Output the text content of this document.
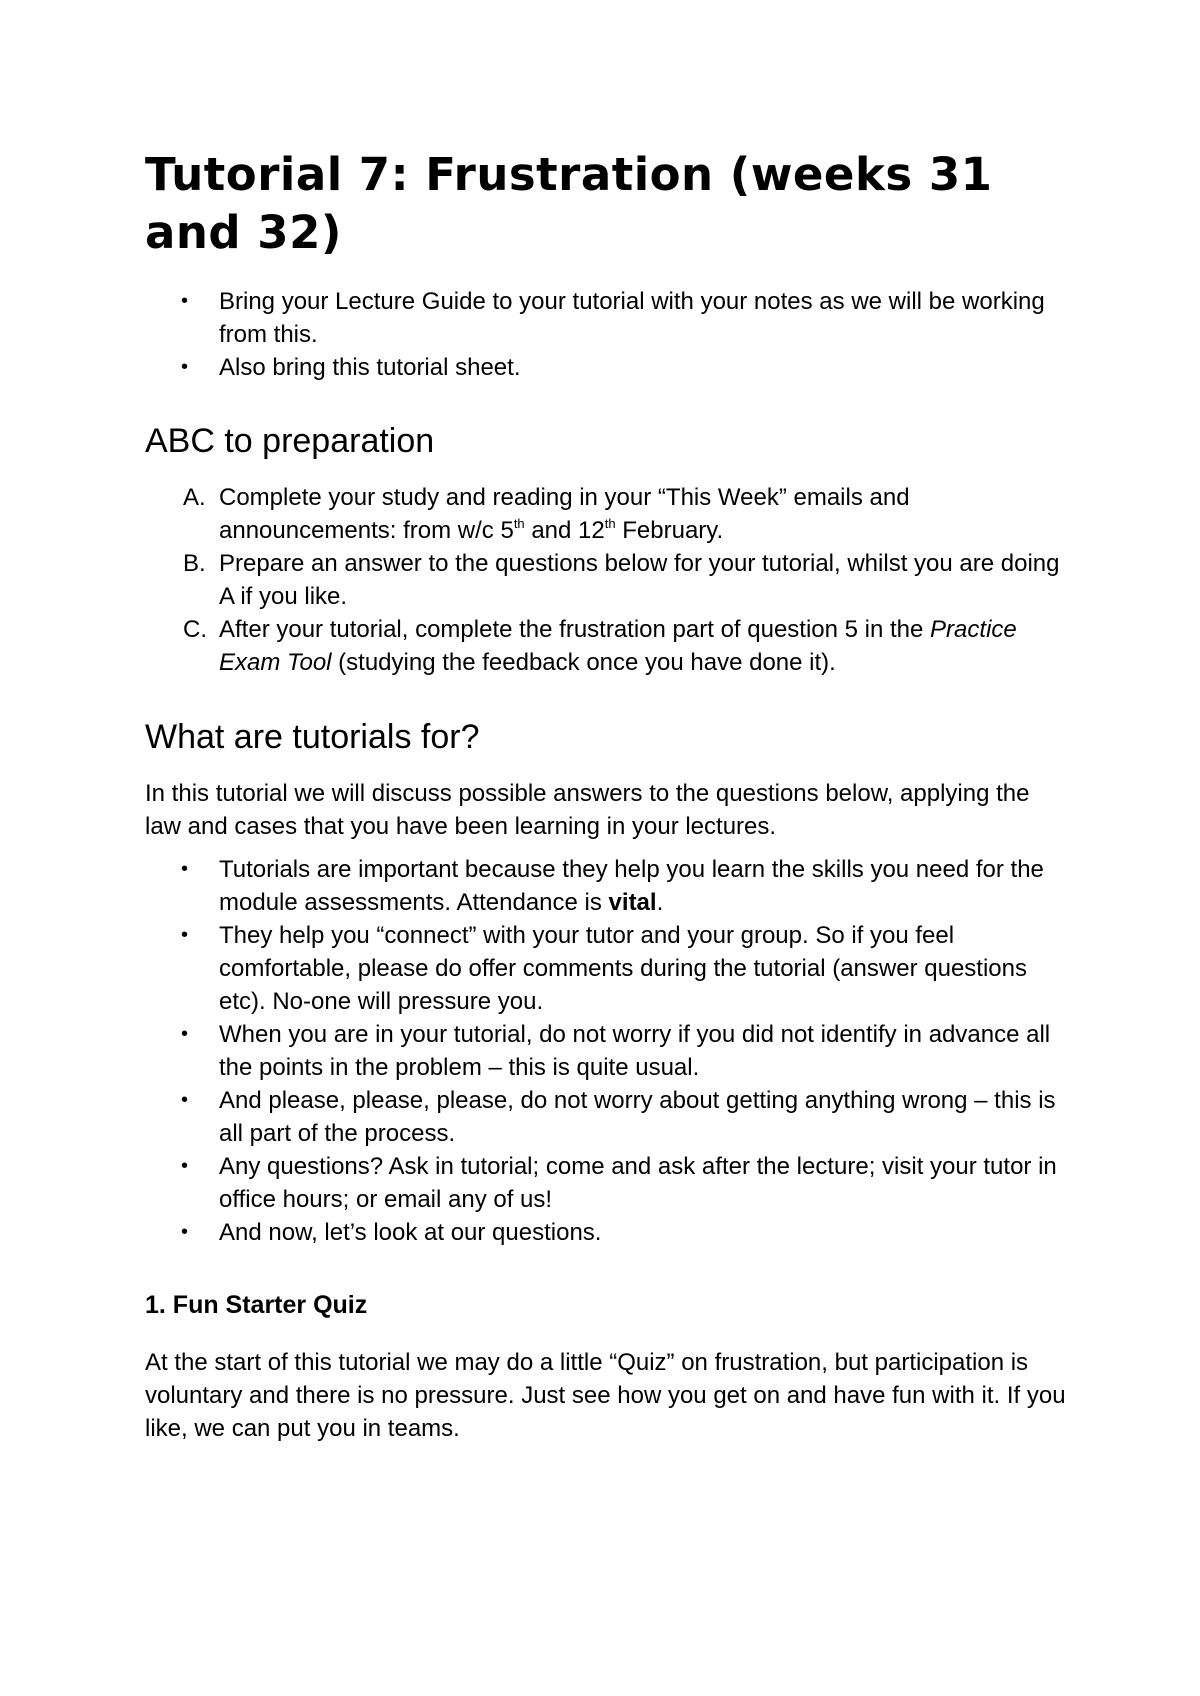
Tutorial 7: Frustration (weeks 31 and 32)
• Bring your Lecture Guide to your tutorial with your notes as we will be working from this.
• Also bring this tutorial sheet.
ABC to preparation
A. Complete your study and reading in your “This Week” emails and announcements: from w/c 5th and 12th February.
B. Prepare an answer to the questions below for your tutorial, whilst you are doing A if you like.
C. After your tutorial, complete the frustration part of question 5 in the Practice Exam Tool (studying the feedback once you have done it).
What are tutorials for?

In this tutorial we will discuss possible answers to the questions below, applying the law and cases that you have been learning in your lectures.

• Tutorials are important because they help you learn the skills you need for the module assessments. Attendance is vital.
• They help you “connect” with your tutor and your group. So if you feel comfortable, please do offer comments during the tutorial (answer questions etc). No-one will pressure you.
• When you are in your tutorial, do not worry if you did not identify in advance all the points in the problem – this is quite usual.
• And please, please, please, do not worry about getting anything wrong – this is all part of the process.
• Any questions? Ask in tutorial; come and ask after the lecture; visit your tutor in office hours; or email any of us!
• And now, let’s look at our questions.
1. Fun Starter Quiz

At the start of this tutorial we may do a little “Quiz” on frustration, but participation is voluntary and there is no pressure. Just see how you get on and have fun with it. If you like, we can put you in teams.
